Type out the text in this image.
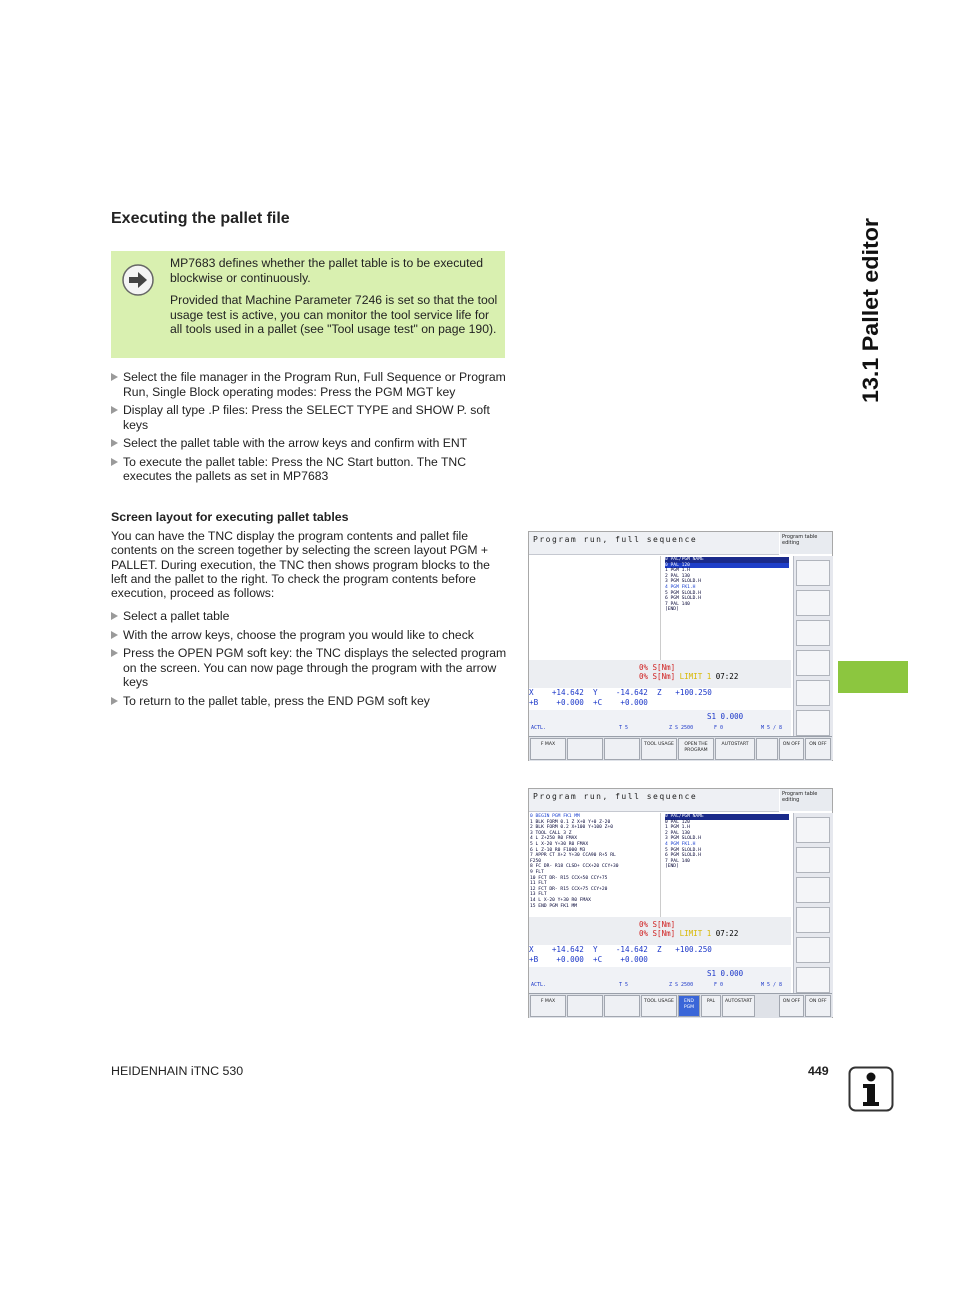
Executing the pallet file

MP7683 defines whether the pallet table is to be executed blockwise or continuously.

Provided that Machine Parameter 7246 is set so that the tool usage test is active, you can monitor the tool service life for all tools used in a pallet (see "Tool usage test" on page 190).

Select the file manager in the Program Run, Full Sequence or Program Run, Single Block operating modes: Press the PGM MGT key
Display all type .P files: Press the SELECT TYPE and SHOW P. soft keys
Select the pallet table with the arrow keys and confirm with ENT
To execute the pallet table: Press the NC Start button. The TNC executes the pallets as set in MP7683
Screen layout for executing pallet tables
You can have the TNC display the program contents and pallet file contents on the screen together by selecting the screen layout PGM + PALLET. During execution, the TNC then shows program blocks to the left and the pallet to the right. To check the program contents before execution, proceed as follows:
Select a pallet table
With the arrow keys, choose the program you would like to check
Press the OPEN PGM soft key: the TNC displays the selected program on the screen. You can now page through the program with the arrow keys
To return to the pallet table, press the END PGM soft key
13.1 Pallet editor
Program run, full sequence	Program table editing
0 PAL/PGM NAME
0 PAL 120
1 PGM 1.H
2 PAL 130
3 PGM SLOLD.H
4 PGM FK1.H
5 PGM SLOLD.H
6 PGM SLOLD.H
7 PAL 140
[END]
0% S[Nm]
0% S[Nm] LIMIT 1 07:22
X    +14.642  Y    -14.642  Z   +100.250
+B    +0.000  +C    +0.000
S1 0.000
ACTL.	T 5	Z S 2500	F 0	M 5 / 8
F MAX	TOOL USAGE	OPEN THE PROGRAM
AUTOSTART	ON OFF	ON OFF
Program run, full sequence	Program table editing
0 BEGIN PGM FK1 MM
1 BLK FORM 0.1 Z X+0 Y+0 Z-20
2 BLK FORM 0.2 X+100 Y+100 Z+0
3 TOOL CALL 3 Z
4 L Z+250 R0 FMAX
5 L X-20 Y+30 R0 FMAX
6 L Z-10 R0 F1000 M3
7 APPR CT X+2 Y+30 CCA90 R+5 RL
F250
8 FC DR- R18 CLSD+ CCX+20 CCY+30
9 FLT
10 FCT DR- R15 CCX+50 CCY+75
11 FLT
12 FCT DR- R15 CCX+75 CCY+20
13 FLT
14 L X-20 Y+30 R0 FMAX
15 END PGM FK1 MM
0 PAL/PGM NAME
0 PAL 120
1 PGM 1.H
2 PAL 130
3 PGM SLOLD.H
4 PGM FK1.H
5 PGM SLOLD.H
6 PGM SLOLD.H
7 PAL 140
[END]
0% S[Nm]
0% S[Nm] LIMIT 1 07:22
X    +14.642  Y    -14.642  Z   +100.250
+B    +0.000  +C    +0.000
S1 0.000
ACTL.	T 5	Z S 2500	F 0	M 5 / 8
F MAX	TOOL USAGE	END PGM
PAL	AUTOSTART	ON OFF	ON OFF
HEIDENHAIN iTNC 530	449
